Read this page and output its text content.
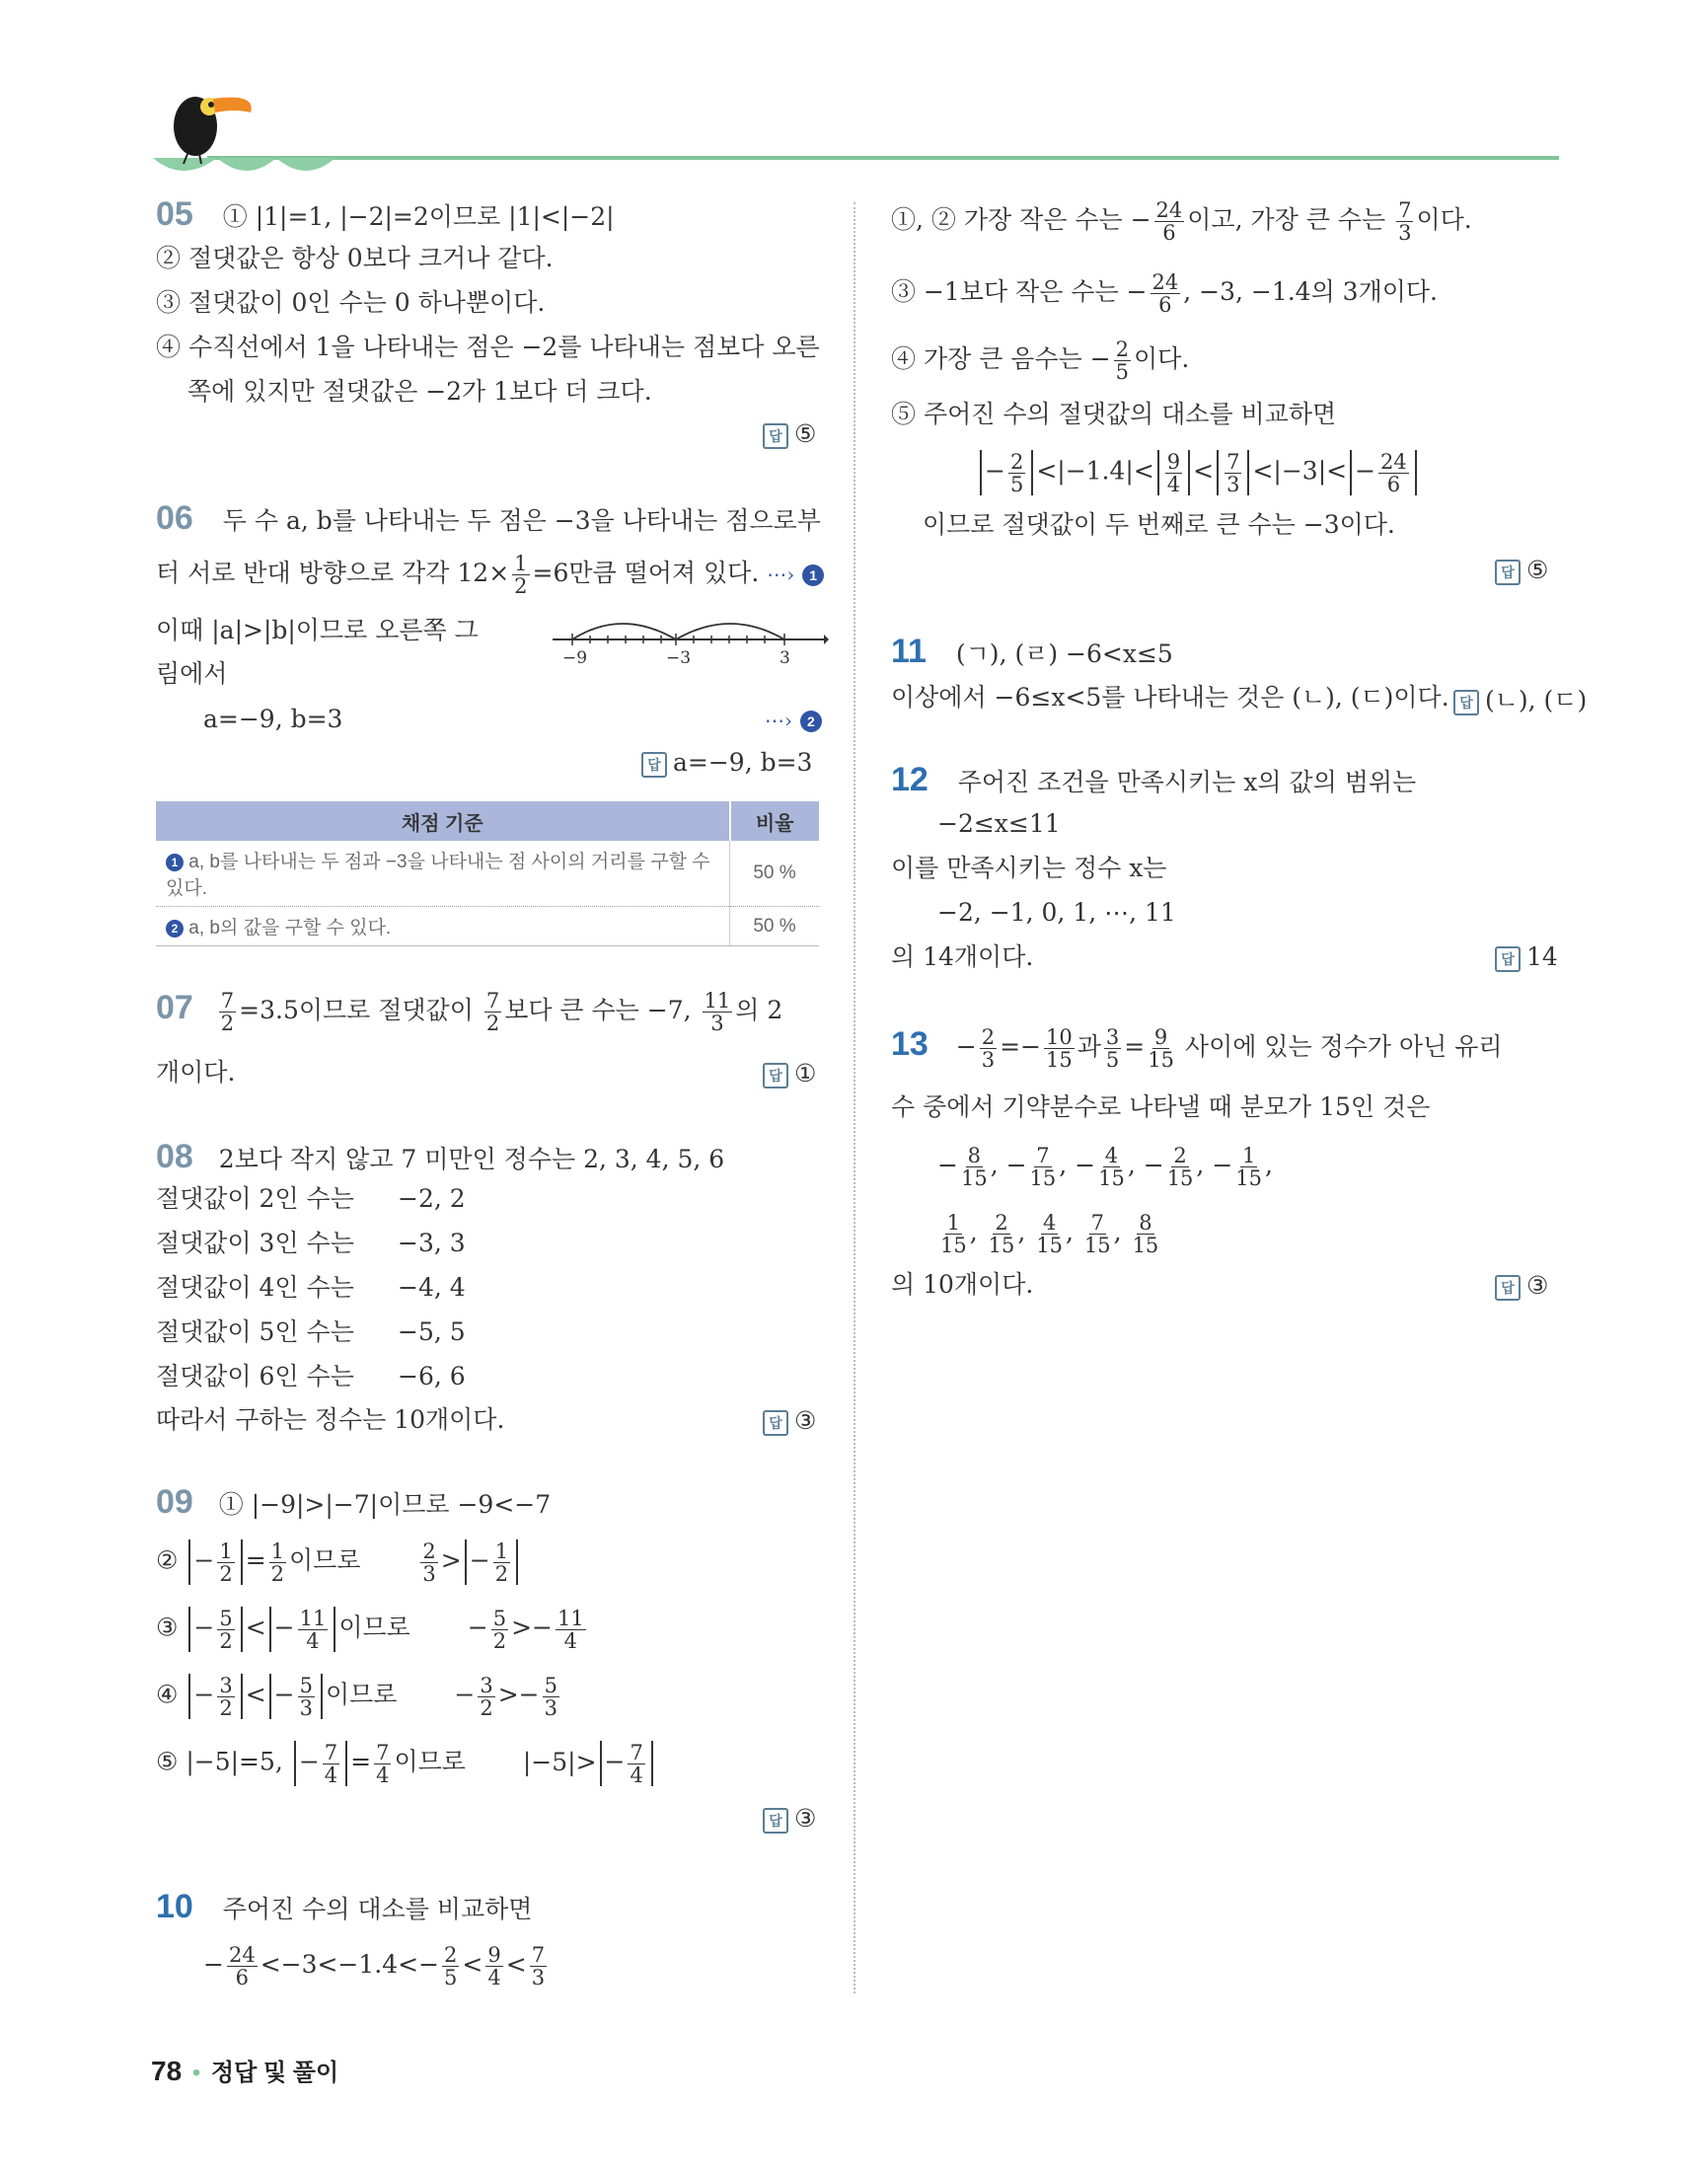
05 ① |1|=1, |−2|=2이므로 |1|<|−2|
② 절댓값은 항상 0보다 크거나 같다.
③ 절댓값이 0인 수는 0 하나뿐이다.
④ 수직선에서 1을 나타내는 점은 −2를 나타내는 점보다 오른
쪽에 있지만 절댓값은 −2가 1보다 더 크다.
답 ⑤
06 두 수 a, b를 나타내는 두 점은 −3을 나타내는 점으로부
터 서로 반대 방향으로 각각 $12\times \frac{1}{2} =6$만큼 떨어져 있다. ⋯› 1
이때 |a|>|b|이므로 오른쪽 그
림에서
−9	−3	3
a=−9, b=3	⋯› 2
답 a=−9, b=3
채점 기준	비율
1 a, b를 나타내는 두 점과 −3을 나타내는 점 사이의 거리를 구할 수 있다.	50 %
2 a, b의 값을 구할 수 있다.	50 %
$07 \frac{7}{2} =3.5$이므로 절댓값이 $\frac{7}{2}$ 보다 큰 수는 −7, $\frac{11}{3}$ 의 2
개이다.	답 ①
08 2보다 작지 않고 7 미만인 정수는 2, 3, 4, 5, 6
절댓값이 2인 수는 −2, 2
절댓값이 3인 수는 −3, 3
절댓값이 4인 수는 −4, 4
절댓값이 5인 수는 −5, 5
절댓값이 6인 수는 −6, 6
따라서 구하는 정수는 10개이다.	답 ③
09 ① |−9|>|−7|이므로 −9<−7
② − $\frac{1}{2} = \frac{1}{2}$ 이므로	$\frac{2}{3}$ > − $\frac{1}{2}$
③ − $\frac{5}{2}$ < − $\frac{11}{4}$ 이므로 − $\frac{5}{2} >- \frac{11}{4}$
④ − $\frac{3}{2}$ < − $\frac{5}{3}$ 이므로 − $\frac{3}{2} >- \frac{5}{3}$
⑤ |−5|=5, − $\frac{7}{4} = \frac{7}{4}$ 이므로 $|-5|> - \frac{7}{4}$
답 ③
10 주어진 수의 대소를 비교하면
− $\frac{24}{6} <-3<-1.4<- \frac{2}{5} < \frac{9}{4} < \frac{7}{3}$
①, ② 가장 작은 수는 − $\frac{24}{6}$ 이고, 가장 큰 수는 $\frac{7}{3}$ 이다.
③ −1보다 작은 수는 − $\frac{24}{6}$ , −3, −1.4의 3개이다.
④ 가장 큰 음수는 − $\frac{2}{5}$ 이다.
⑤ 주어진 수의 절댓값의 대소를 비교하면
− $\frac{2}{5} <|-1.4|< \frac{9}{4} < \frac{7}{3} <|-3|< - \frac{24}{6}$
이므로 절댓값이 두 번째로 큰 수는 −3이다.
답 ⑤
11 (ㄱ), (ㄹ) −6<x≤5
이상에서 −6≤x<5를 나타내는 것은 (ㄴ), (ㄷ)이다. 답 (ㄴ), (ㄷ)
12 주어진 조건을 만족시키는 x의 값의 범위는
−2≤x≤11
이를 만족시키는 정수 x는
−2, −1, 0, 1, ⋯, 11
의 14개이다.	답 14
$13 - \frac{2}{3} =- \frac{10}{15}$ 과 $\frac{3}{5} = \frac{9}{15}$ 사이에 있는 정수가 아닌 유리
수 중에서 기약분수로 나타낼 때 분모가 15인 것은
− $\frac{8}{15}$ , − $\frac{7}{15}$ , − $\frac{4}{15}$ , − $\frac{2}{15}$ , − $\frac{1}{15}$ ,
$\frac{1}{15}$ , $\frac{2}{15}$ , $\frac{4}{15}$ , $\frac{7}{15}$ , $\frac{8}{15}$
의 10개이다.	답 ③
78 • 정답 및 풀이
